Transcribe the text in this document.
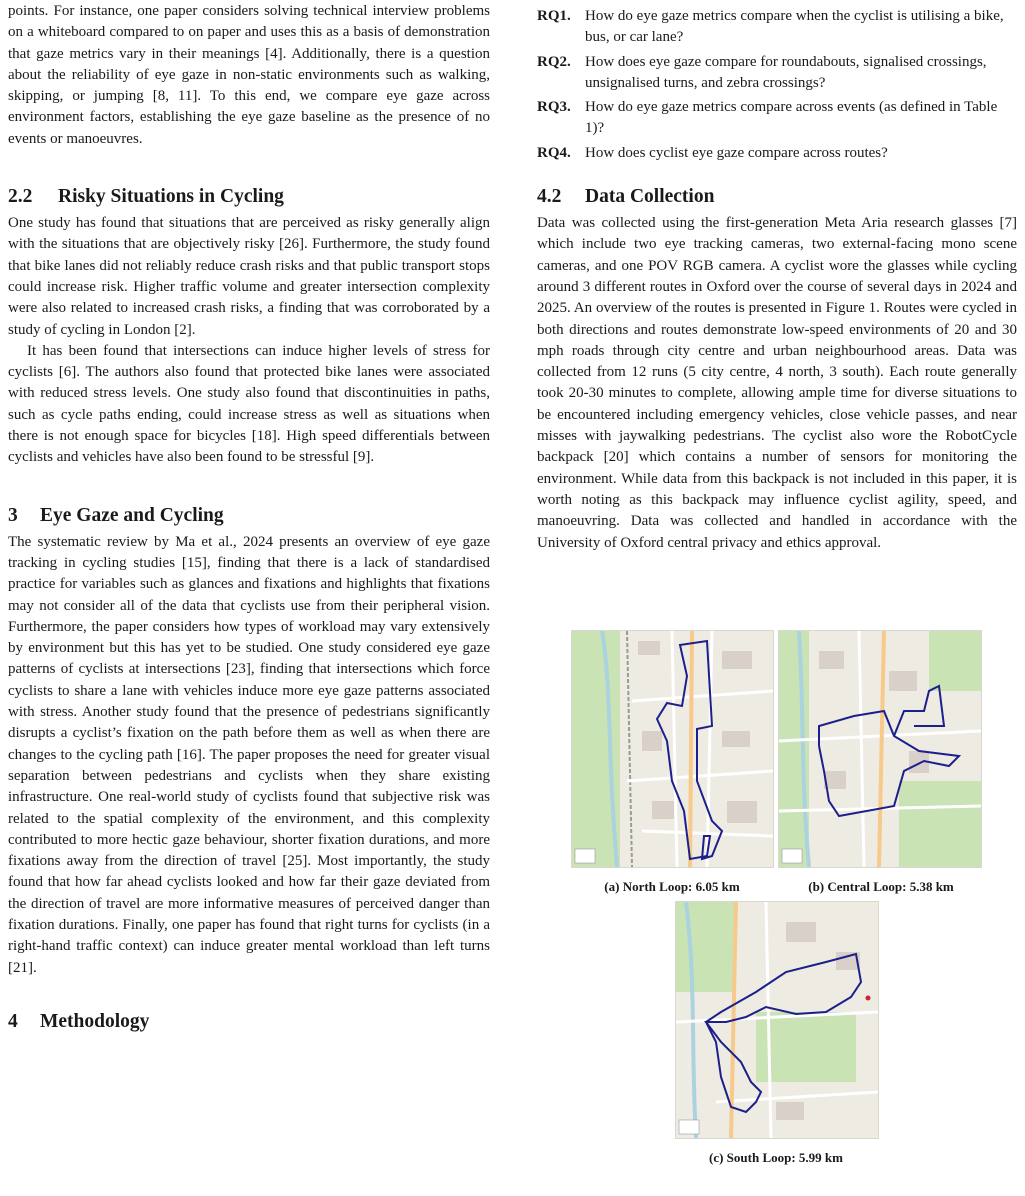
points. For instance, one paper considers solving technical interview problems on a whiteboard compared to on paper and uses this as a basis of demonstration that gaze metrics vary in their meanings [4]. Additionally, there is a question about the reliability of eye gaze in non-static environments such as walking, skipping, or jumping [8, 11]. To this end, we compare eye gaze across environment factors, establishing the eye gaze baseline as the presence of no events or manoeuvres.

2.2 Risky Situations in Cycling

One study has found that situations that are perceived as risky generally align with the situations that are objectively risky [26]. Furthermore, the study found that bike lanes did not reliably reduce crash risks and that public transport stops could increase risk. Higher traffic volume and greater intersection complexity were also related to increased crash risks, a finding that was corroborated by a study of cycling in London [2].

It has been found that intersections can induce higher levels of stress for cyclists [6]. The authors also found that protected bike lanes were associated with reduced stress levels. One study also found that discontinuities in paths, such as cycle paths ending, could increase stress as well as situations when there is not enough space for bicycles [18]. High speed differentials between cyclists and vehicles have also been found to be stressful [9].

3 Eye Gaze and Cycling

The systematic review by Ma et al., 2024 presents an overview of eye gaze tracking in cycling studies [15], finding that there is a lack of standardised practice for variables such as glances and fixations and highlights that fixations may not consider all of the data that cyclists use from their peripheral vision. Furthermore, the paper considers how types of workload may vary extensively by environment but this has yet to be studied. One study considered eye gaze patterns of cyclists at intersections [23], finding that intersections which force cyclists to share a lane with vehicles induce more eye gaze patterns associated with stress. Another study found that the presence of pedestrians significantly disrupts a cyclist’s fixation on the path before them as well as when there are changes to the cycling path [16]. The paper proposes the need for greater visual separation between pedestrians and cyclists when they share existing infrastructure. One real-world study of cyclists found that subjective risk was related to the spatial complexity of the environment, and this complexity contributed to more hectic gaze behaviour, shorter fixation durations, and more fixations away from the direction of travel [25]. Most importantly, the study found that how far ahead cyclists looked and how far their gaze deviated from the direction of travel are more informative measures of perceived danger than fixation durations. Finally, one paper has found that right turns for cyclists (in a right-hand traffic context) can induce greater mental workload than left turns [21].

4 Methodology
RQ1. How do eye gaze metrics compare when the cyclist is utilising a bike, bus, or car lane?
RQ2. How does eye gaze compare for roundabouts, signalised crossings, unsignalised turns, and zebra crossings?
RQ3. How do eye gaze metrics compare across events (as defined in Table 1)?
RQ4. How does cyclist eye gaze compare across routes?
4.2 Data Collection

Data was collected using the first-generation Meta Aria research glasses [7] which include two eye tracking cameras, two external-facing mono scene cameras, and one POV RGB camera. A cyclist wore the glasses while cycling around 3 different routes in Oxford over the course of several days in 2024 and 2025. An overview of the routes is presented in Figure 1. Routes were cycled in both directions and routes demonstrate low-speed environments of 20 and 30 mph roads through city centre and urban neighbourhood areas. Data was collected from 12 runs (5 city centre, 4 north, 3 south). Each route generally took 20-30 minutes to complete, allowing ample time for diverse situations to be encountered including emergency vehicles, close vehicle passes, and near misses with jaywalking pedestrians. The cyclist also wore the RobotCycle backpack [20] which contains a number of sensors for monitoring the environment. While data from this backpack is not included in this paper, it is worth noting as this backpack may influence cyclist agility, speed, and manoeuvring. Data was collected and handled in accordance with the University of Oxford central privacy and ethics approval.

(a) North Loop: 6.05 km	(b) Central Loop: 5.38 km
(c) South Loop: 5.99 km
